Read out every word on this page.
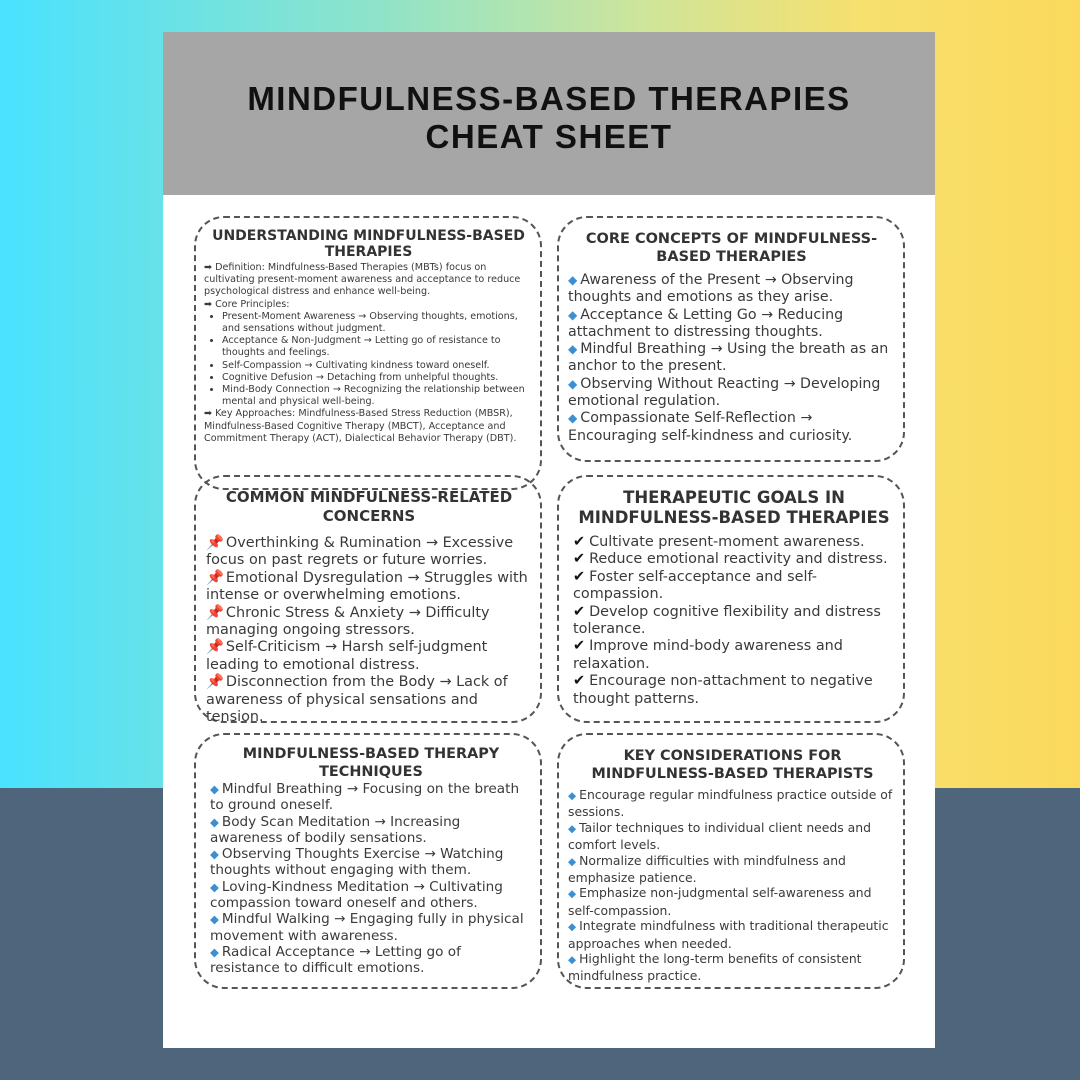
MINDFULNESS-BASED THERAPIES
CHEAT SHEET
UNDERSTANDING MINDFULNESS-BASED THERAPIES

➡ Definition: Mindfulness-Based Therapies (MBTs) focus on cultivating present-moment awareness and acceptance to reduce psychological distress and enhance well-being.

➡ Core Principles:

• Present-Moment Awareness → Observing thoughts, emotions, and sensations without judgment.
• Acceptance & Non-Judgment → Letting go of resistance to thoughts and feelings.
• Self-Compassion → Cultivating kindness toward oneself.
• Cognitive Defusion → Detaching from unhelpful thoughts.
• Mind-Body Connection → Recognizing the relationship between mental and physical well-being.

➡ Key Approaches: Mindfulness-Based Stress Reduction (MBSR), Mindfulness-Based Cognitive Therapy (MBCT), Acceptance and Commitment Therapy (ACT), Dialectical Behavior Therapy (DBT).

CORE CONCEPTS OF MINDFULNESS-BASED THERAPIES

◆ Awareness of the Present → Observing thoughts and emotions as they arise.

◆ Acceptance & Letting Go → Reducing attachment to distressing thoughts.

◆ Mindful Breathing → Using the breath as an anchor to the present.

◆ Observing Without Reacting → Developing emotional regulation.

◆ Compassionate Self-Reflection → Encouraging self-kindness and curiosity.

COMMON MINDFULNESS-RELATED CONCERNS

📌 Overthinking & Rumination → Excessive focus on past regrets or future worries.

📌 Emotional Dysregulation → Struggles with intense or overwhelming emotions.

📌 Chronic Stress & Anxiety → Difficulty managing ongoing stressors.

📌 Self-Criticism → Harsh self-judgment leading to emotional distress.

📌 Disconnection from the Body → Lack of awareness of physical sensations and tension.

THERAPEUTIC GOALS IN MINDFULNESS-BASED THERAPIES

✔ Cultivate present-moment awareness.

✔ Reduce emotional reactivity and distress.

✔ Foster self-acceptance and self-compassion.

✔ Develop cognitive flexibility and distress tolerance.

✔ Improve mind-body awareness and relaxation.

✔ Encourage non-attachment to negative thought patterns.

MINDFULNESS-BASED THERAPY TECHNIQUES

◆ Mindful Breathing → Focusing on the breath to ground oneself.

◆ Body Scan Meditation → Increasing awareness of bodily sensations.

◆ Observing Thoughts Exercise → Watching thoughts without engaging with them.

◆ Loving-Kindness Meditation → Cultivating compassion toward oneself and others.

◆ Mindful Walking → Engaging fully in physical movement with awareness.

◆ Radical Acceptance → Letting go of resistance to difficult emotions.

KEY CONSIDERATIONS FOR MINDFULNESS-BASED THERAPISTS

◆ Encourage regular mindfulness practice outside of sessions.

◆ Tailor techniques to individual client needs and comfort levels.

◆ Normalize difficulties with mindfulness and emphasize patience.

◆ Emphasize non-judgmental self-awareness and self-compassion.

◆ Integrate mindfulness with traditional therapeutic approaches when needed.

◆ Highlight the long-term benefits of consistent mindfulness practice.
